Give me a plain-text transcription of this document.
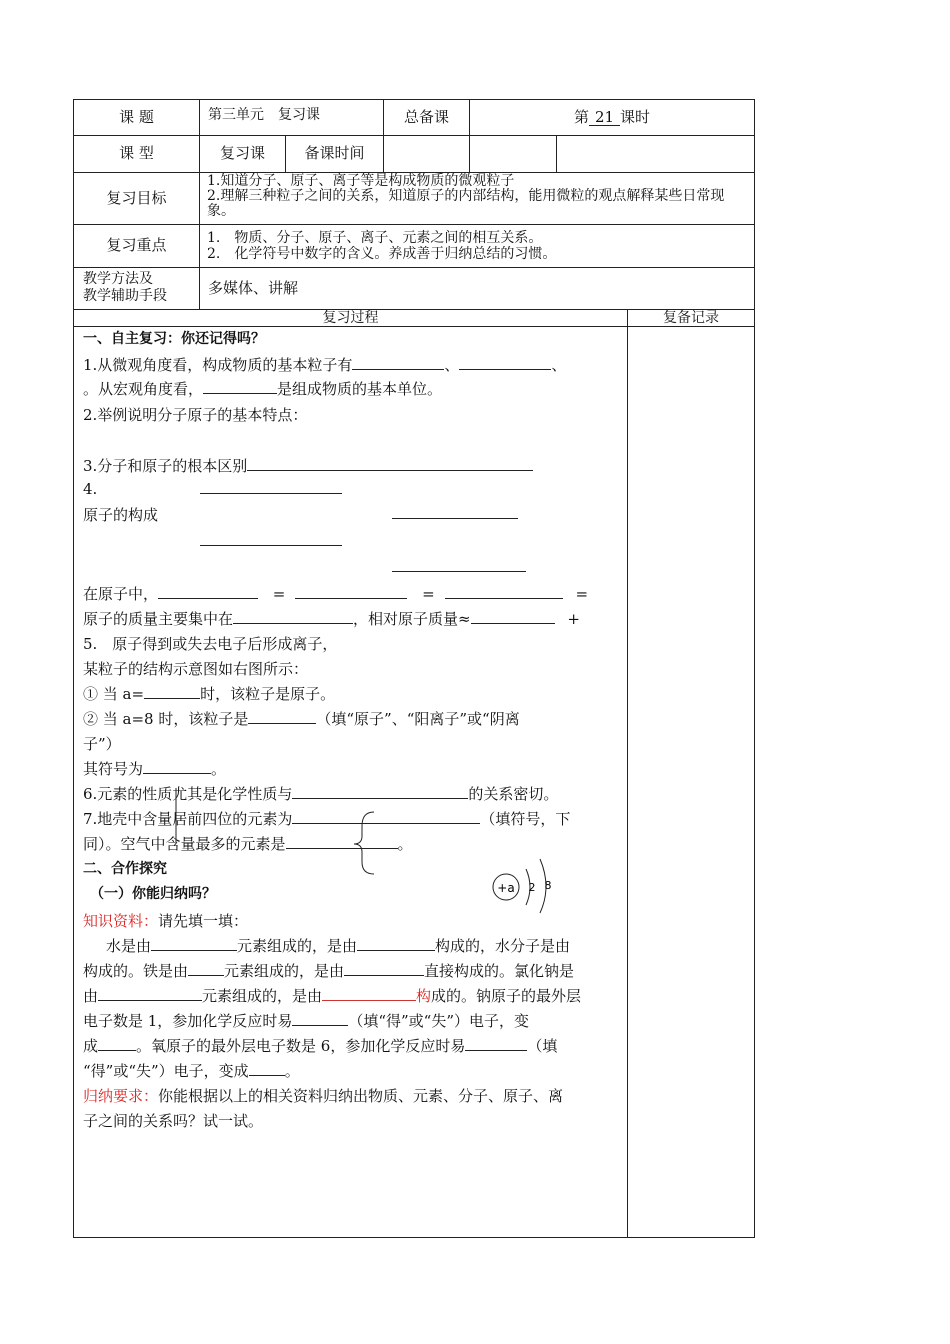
课 题	第三单元　复习课	总备课	第 21 课时
课 型	复习课	备课时间
复习目标
1.知道分子、原子、离子等是构成物质的微观粒子
2.理解三种粒子之间的关系，知道原子的内部结构，能用微粒的观点解释某些日常现象。
复习重点	1.　物质、分子、原子、离子、元素之间的相互关系。
2.　化学符号中数字的含义。养成善于归纳总结的习惯。
教学方法及
教学辅助手段	多媒体、讲解
复习过程	复备记录
一、自主复习：你还记得吗？
1.从微观角度看，构成物质的基本粒子有	、	、
。从宏观角度看，	是组成物质的基本单位。
2.举例说明分子原子的基本特点：
3.分子和原子的根本区别
4.
原子的构成
在原子中，	=	=	=
原子的质量主要集中在	，相对原子质量≈	+
5.　原子得到或失去电子后形成离子，
某粒子的结构示意图如右图所示：
① 当 a=	时，该粒子是原子。
② 当 a=8 时，该粒子是	（填“原子”、“阳离子”或“阴离
子”）
其符号为	。
6.元素的性质尤其是化学性质与	的关系密切。
7.地壳中含量居前四位的元素为	（填符号，下
同）。空气中含量最多的元素是	。
二、合作探究
（一）你能归纳吗？	+a 2 8
知识资料：请先填一填：
水是由	元素组成的，是由	构成的，水分子是由
构成的。铁是由 元素组成的，是由	直接构成的。氯化钠是
由	元素组成的，是由	构成的。钠原子的最外层
电子数是 1，参加化学反应时易	（填“得”或“失”）电子，变
成	。氧原子的最外层电子数是 6，参加化学反应时易	（填
“得”或“失”）电子，变成 。
归纳要求：你能根据以上的相关资料归纳出物质、元素、分子、原子、离
子之间的关系吗？试一试。
